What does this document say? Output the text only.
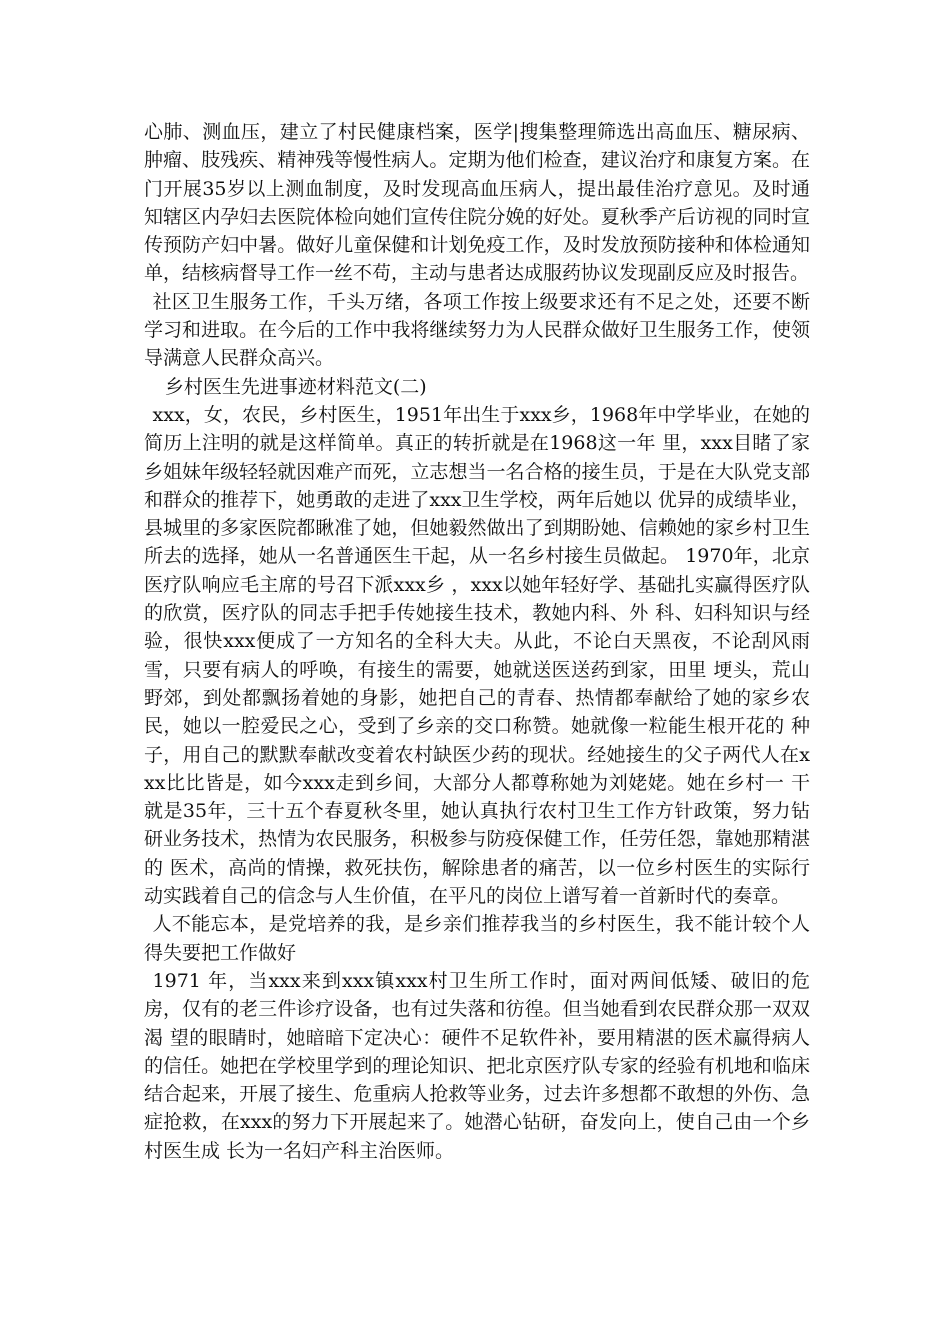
心肺、测血压，建立了村民健康档案，医学|搜集整理筛选出高血压、糖尿病、肿瘤、肢残疾、精神残等慢性病人。定期为他们检查，建议治疗和康复方案。在门开展35岁以上测血制度，及时发现高血压病人，提出最佳治疗意见。及时通知辖区内孕妇去医院体检向她们宣传住院分娩的好处。夏秋季产后访视的同时宣传预防产妇中暑。做好儿童保健和计划免疫工作，及时发放预防接种和体检通知单，结核病督导工作一丝不苟，主动与患者达成服药协议发现副反应及时报告。

社区卫生服务工作，千头万绪，各项工作按上级要求还有不足之处，还要不断学习和进取。在今后的工作中我将继续努力为人民群众做好卫生服务工作，使领导满意人民群众高兴。

乡村医生先进事迹材料范文(二)

xxx，女，农民，乡村医生，1951年出生于xxx乡，1968年中学毕业，在她的简历上注明的就是这样简单。真正的转折就是在1968这一年 里，xxx目睹了家乡姐妹年级轻轻就因难产而死，立志想当一名合格的接生员，于是在大队党支部和群众的推荐下，她勇敢的走进了xxx卫生学校，两年后她以 优异的成绩毕业，县城里的多家医院都瞅准了她，但她毅然做出了到期盼她、信赖她的家乡村卫生所去的选择，她从一名普通医生干起，从一名乡村接生员做起。 1970年，北京医疗队响应毛主席的号召下派xxx乡 ，xxx以她年轻好学、基础扎实赢得医疗队的欣赏，医疗队的同志手把手传她接生技术，教她内科、外 科、妇科知识与经验，很快xxx便成了一方知名的全科大夫。从此，不论白天黑夜，不论刮风雨雪，只要有病人的呼唤，有接生的需要，她就送医送药到家，田里 埂头，荒山野郊，到处都飘扬着她的身影，她把自己的青春、热情都奉献给了她的家乡农民，她以一腔爱民之心，受到了乡亲的交口称赞。她就像一粒能生根开花的 种子，用自己的默默奉献改变着农村缺医少药的现状。经她接生的父子两代人在xxx比比皆是，如今xxx走到乡间，大部分人都尊称她为刘姥姥。她在乡村一 干就是35年，三十五个春夏秋冬里，她认真执行农村卫生工作方针政策，努力钻研业务技术，热情为农民服务，积极参与防疫保健工作，任劳任怨，靠她那精湛的 医术，高尚的情操，救死扶伤，解除患者的痛苦，以一位乡村医生的实际行动实践着自己的信念与人生价值，在平凡的岗位上谱写着一首新时代的奏章。

人不能忘本，是党培养的我，是乡亲们推荐我当的乡村医生，我不能计较个人得失要把工作做好

1971 年，当xxx来到xxx镇xxx村卫生所工作时，面对两间低矮、破旧的危房，仅有的老三件诊疗设备，也有过失落和彷徨。但当她看到农民群众那一双双渴 望的眼睛时，她暗暗下定决心：硬件不足软件补，要用精湛的医术赢得病人的信任。她把在学校里学到的理论知识、把北京医疗队专家的经验有机地和临床结合起来，开展了接生、危重病人抢救等业务，过去许多想都不敢想的外伤、急症抢救，在xxx的努力下开展起来了。她潜心钻研，奋发向上，使自己由一个乡村医生成 长为一名妇产科主治医师。
